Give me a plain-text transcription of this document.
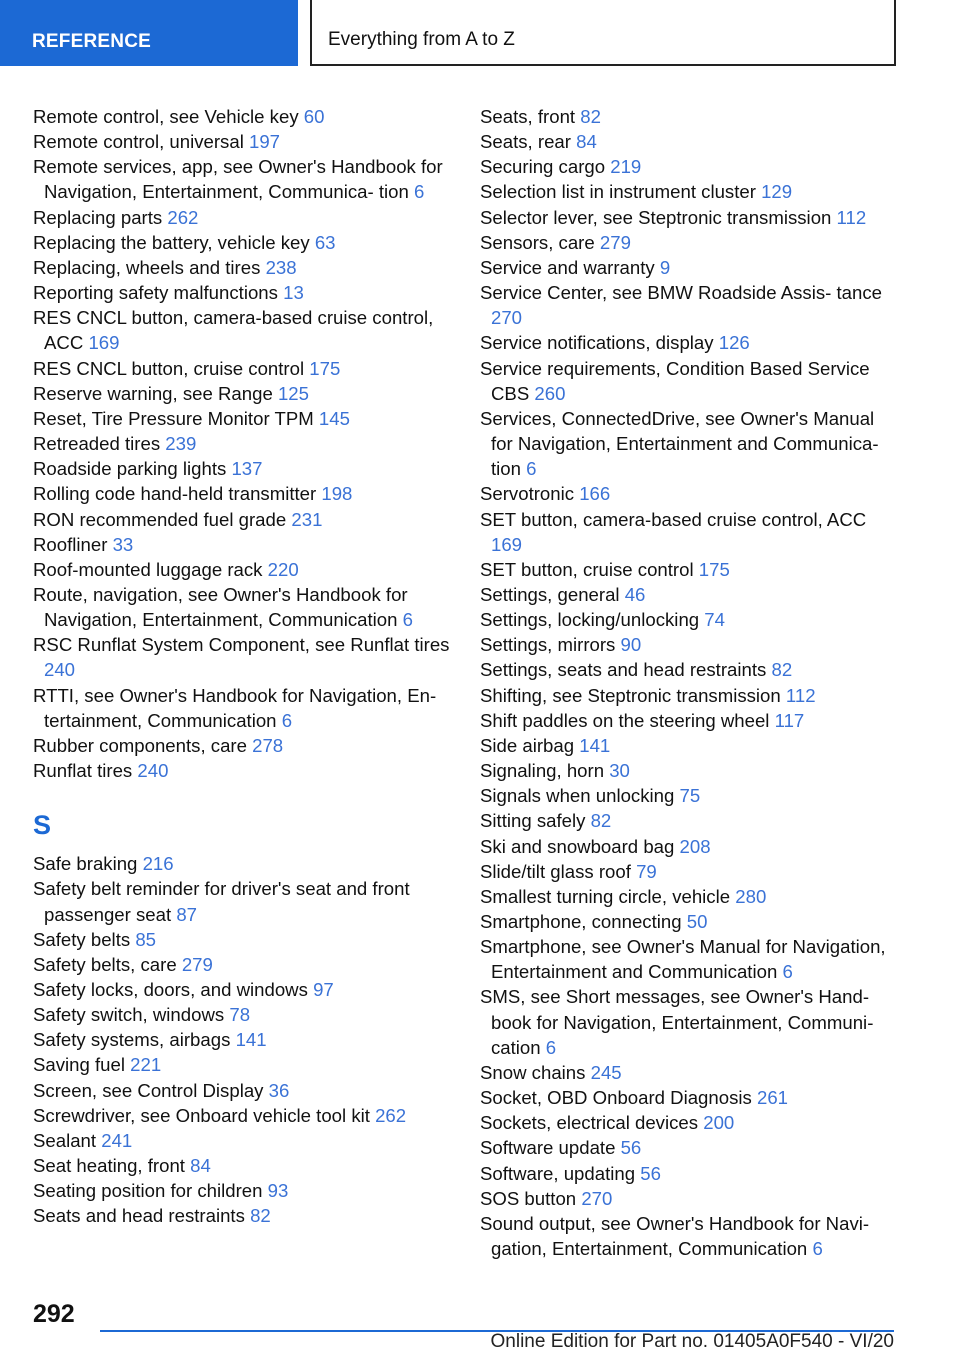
REFERENCE	Everything from A to Z
Remote control, see Vehicle key 60
Remote control, universal 197
Remote services, app, see Owner's Handbook for Navigation, Entertainment, Communica‑ tion 6
Replacing parts 262
Replacing the battery, vehicle key 63
Replacing, wheels and tires 238
Reporting safety malfunctions 13
RES CNCL button, camera-based cruise control, ACC 169
RES CNCL button, cruise control 175
Reserve warning, see Range 125
Reset, Tire Pressure Monitor TPM 145
Retreaded tires 239
Roadside parking lights 137
Rolling code hand-held transmitter 198
RON recommended fuel grade 231
Roofliner 33
Roof-mounted luggage rack 220
Route, navigation, see Owner's Handbook for Navigation, Entertainment, Communication 6
RSC Runflat System Component, see Runflat tires 240
RTTI, see Owner's Handbook for Navigation, En‑ tertainment, Communication 6
Rubber components, care 278
Runflat tires 240
S
Safe braking 216
Safety belt reminder for driver's seat and front passenger seat 87
Safety belts 85
Safety belts, care 279
Safety locks, doors, and windows 97
Safety switch, windows 78
Safety systems, airbags 141
Saving fuel 221
Screen, see Control Display 36
Screwdriver, see Onboard vehicle tool kit 262
Sealant 241
Seat heating, front 84
Seating position for children 93
Seats and head restraints 82
Seats, front 82
Seats, rear 84
Securing cargo 219
Selection list in instrument cluster 129
Selector lever, see Steptronic transmission 112
Sensors, care 279
Service and warranty 9
Service Center, see BMW Roadside Assis‑ tance 270
Service notifications, display 126
Service requirements, Condition Based Service CBS 260
Services, ConnectedDrive, see Owner's Manual for Navigation, Entertainment and Communica‑ tion 6
Servotronic 166
SET button, camera-based cruise control, ACC 169
SET button, cruise control 175
Settings, general 46
Settings, locking/unlocking 74
Settings, mirrors 90
Settings, seats and head restraints 82
Shifting, see Steptronic transmission 112
Shift paddles on the steering wheel 117
Side airbag 141
Signaling, horn 30
Signals when unlocking 75
Sitting safely 82
Ski and snowboard bag 208
Slide/tilt glass roof 79
Smallest turning circle, vehicle 280
Smartphone, connecting 50
Smartphone, see Owner's Manual for Navigation, Entertainment and Communication 6
SMS, see Short messages, see Owner's Hand‑ book for Navigation, Entertainment, Communi‑ cation 6
Snow chains 245
Socket, OBD Onboard Diagnosis 261
Sockets, electrical devices 200
Software update 56
Software, updating 56
SOS button 270
Sound output, see Owner's Handbook for Navi‑ gation, Entertainment, Communication 6
292
Online Edition for Part no. 01405A0F540 - VI/20
